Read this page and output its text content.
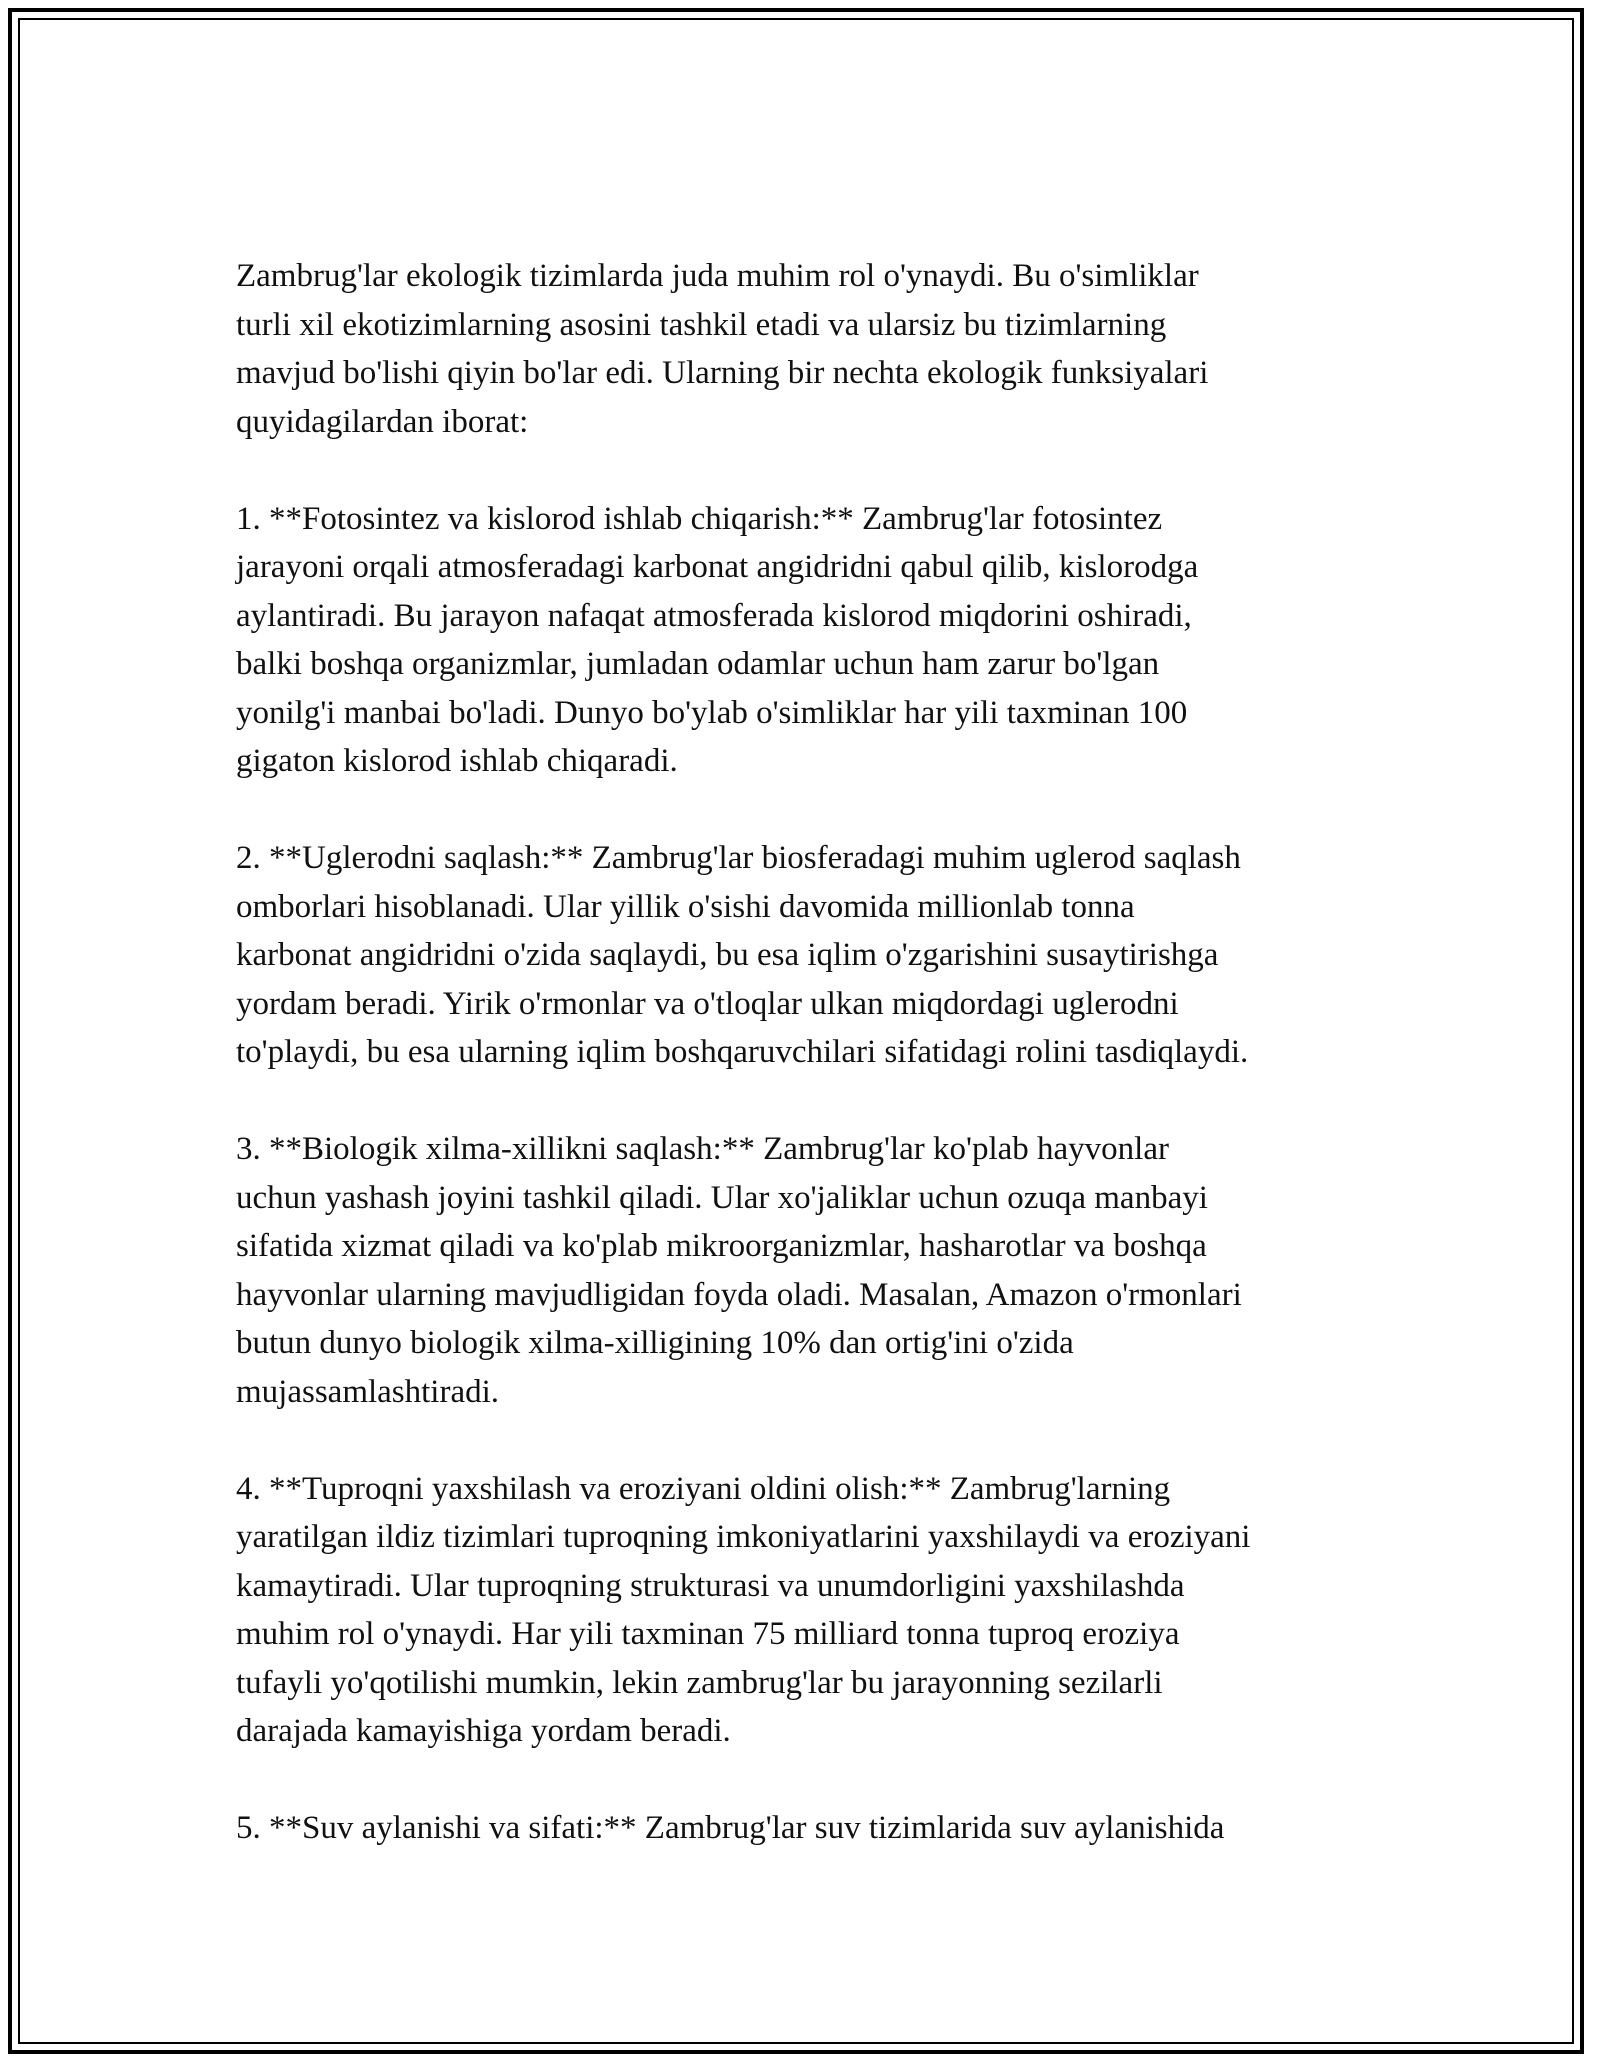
Zambrug'lar ekologik tizimlarda juda muhim rol o'ynaydi. Bu o'simliklar
turli xil ekotizimlarning asosini tashkil etadi va ularsiz bu tizimlarning
mavjud bo'lishi qiyin bo'lar edi. Ularning bir nechta ekologik funksiyalari
quyidagilardan iborat:

1. **Fotosintez va kislorod ishlab chiqarish:** Zambrug'lar fotosintez
jarayoni orqali atmosferadagi karbonat angidridni qabul qilib, kislorodga
aylantiradi. Bu jarayon nafaqat atmosferada kislorod miqdorini oshiradi,
balki boshqa organizmlar, jumladan odamlar uchun ham zarur bo'lgan
yonilg'i manbai bo'ladi. Dunyo bo'ylab o'simliklar har yili taxminan 100
gigaton kislorod ishlab chiqaradi.

2. **Uglerodni saqlash:** Zambrug'lar biosferadagi muhim uglerod saqlash
omborlari hisoblanadi. Ular yillik o'sishi davomida millionlab tonna
karbonat angidridni o'zida saqlaydi, bu esa iqlim o'zgarishini susaytirishga
yordam beradi. Yirik o'rmonlar va o'tloqlar ulkan miqdordagi uglerodni
to'playdi, bu esa ularning iqlim boshqaruvchilari sifatidagi rolini tasdiqlaydi.

3. **Biologik xilma-xillikni saqlash:** Zambrug'lar ko'plab hayvonlar
uchun yashash joyini tashkil qiladi. Ular xo'jaliklar uchun ozuqa manbayi
sifatida xizmat qiladi va ko'plab mikroorganizmlar, hasharotlar va boshqa
hayvonlar ularning mavjudligidan foyda oladi. Masalan, Amazon o'rmonlari
butun dunyo biologik xilma-xilligining 10% dan ortig'ini o'zida
mujassamlashtiradi.

4. **Tuproqni yaxshilash va eroziyani oldini olish:** Zambrug'larning
yaratilgan ildiz tizimlari tuproqning imkoniyatlarini yaxshilaydi va eroziyani
kamaytiradi. Ular tuproqning strukturasi va unumdorligini yaxshilashda
muhim rol o'ynaydi. Har yili taxminan 75 milliard tonna tuproq eroziya
tufayli yo'qotilishi mumkin, lekin zambrug'lar bu jarayonning sezilarli
darajada kamayishiga yordam beradi.

5. **Suv aylanishi va sifati:** Zambrug'lar suv tizimlarida suv aylanishida
